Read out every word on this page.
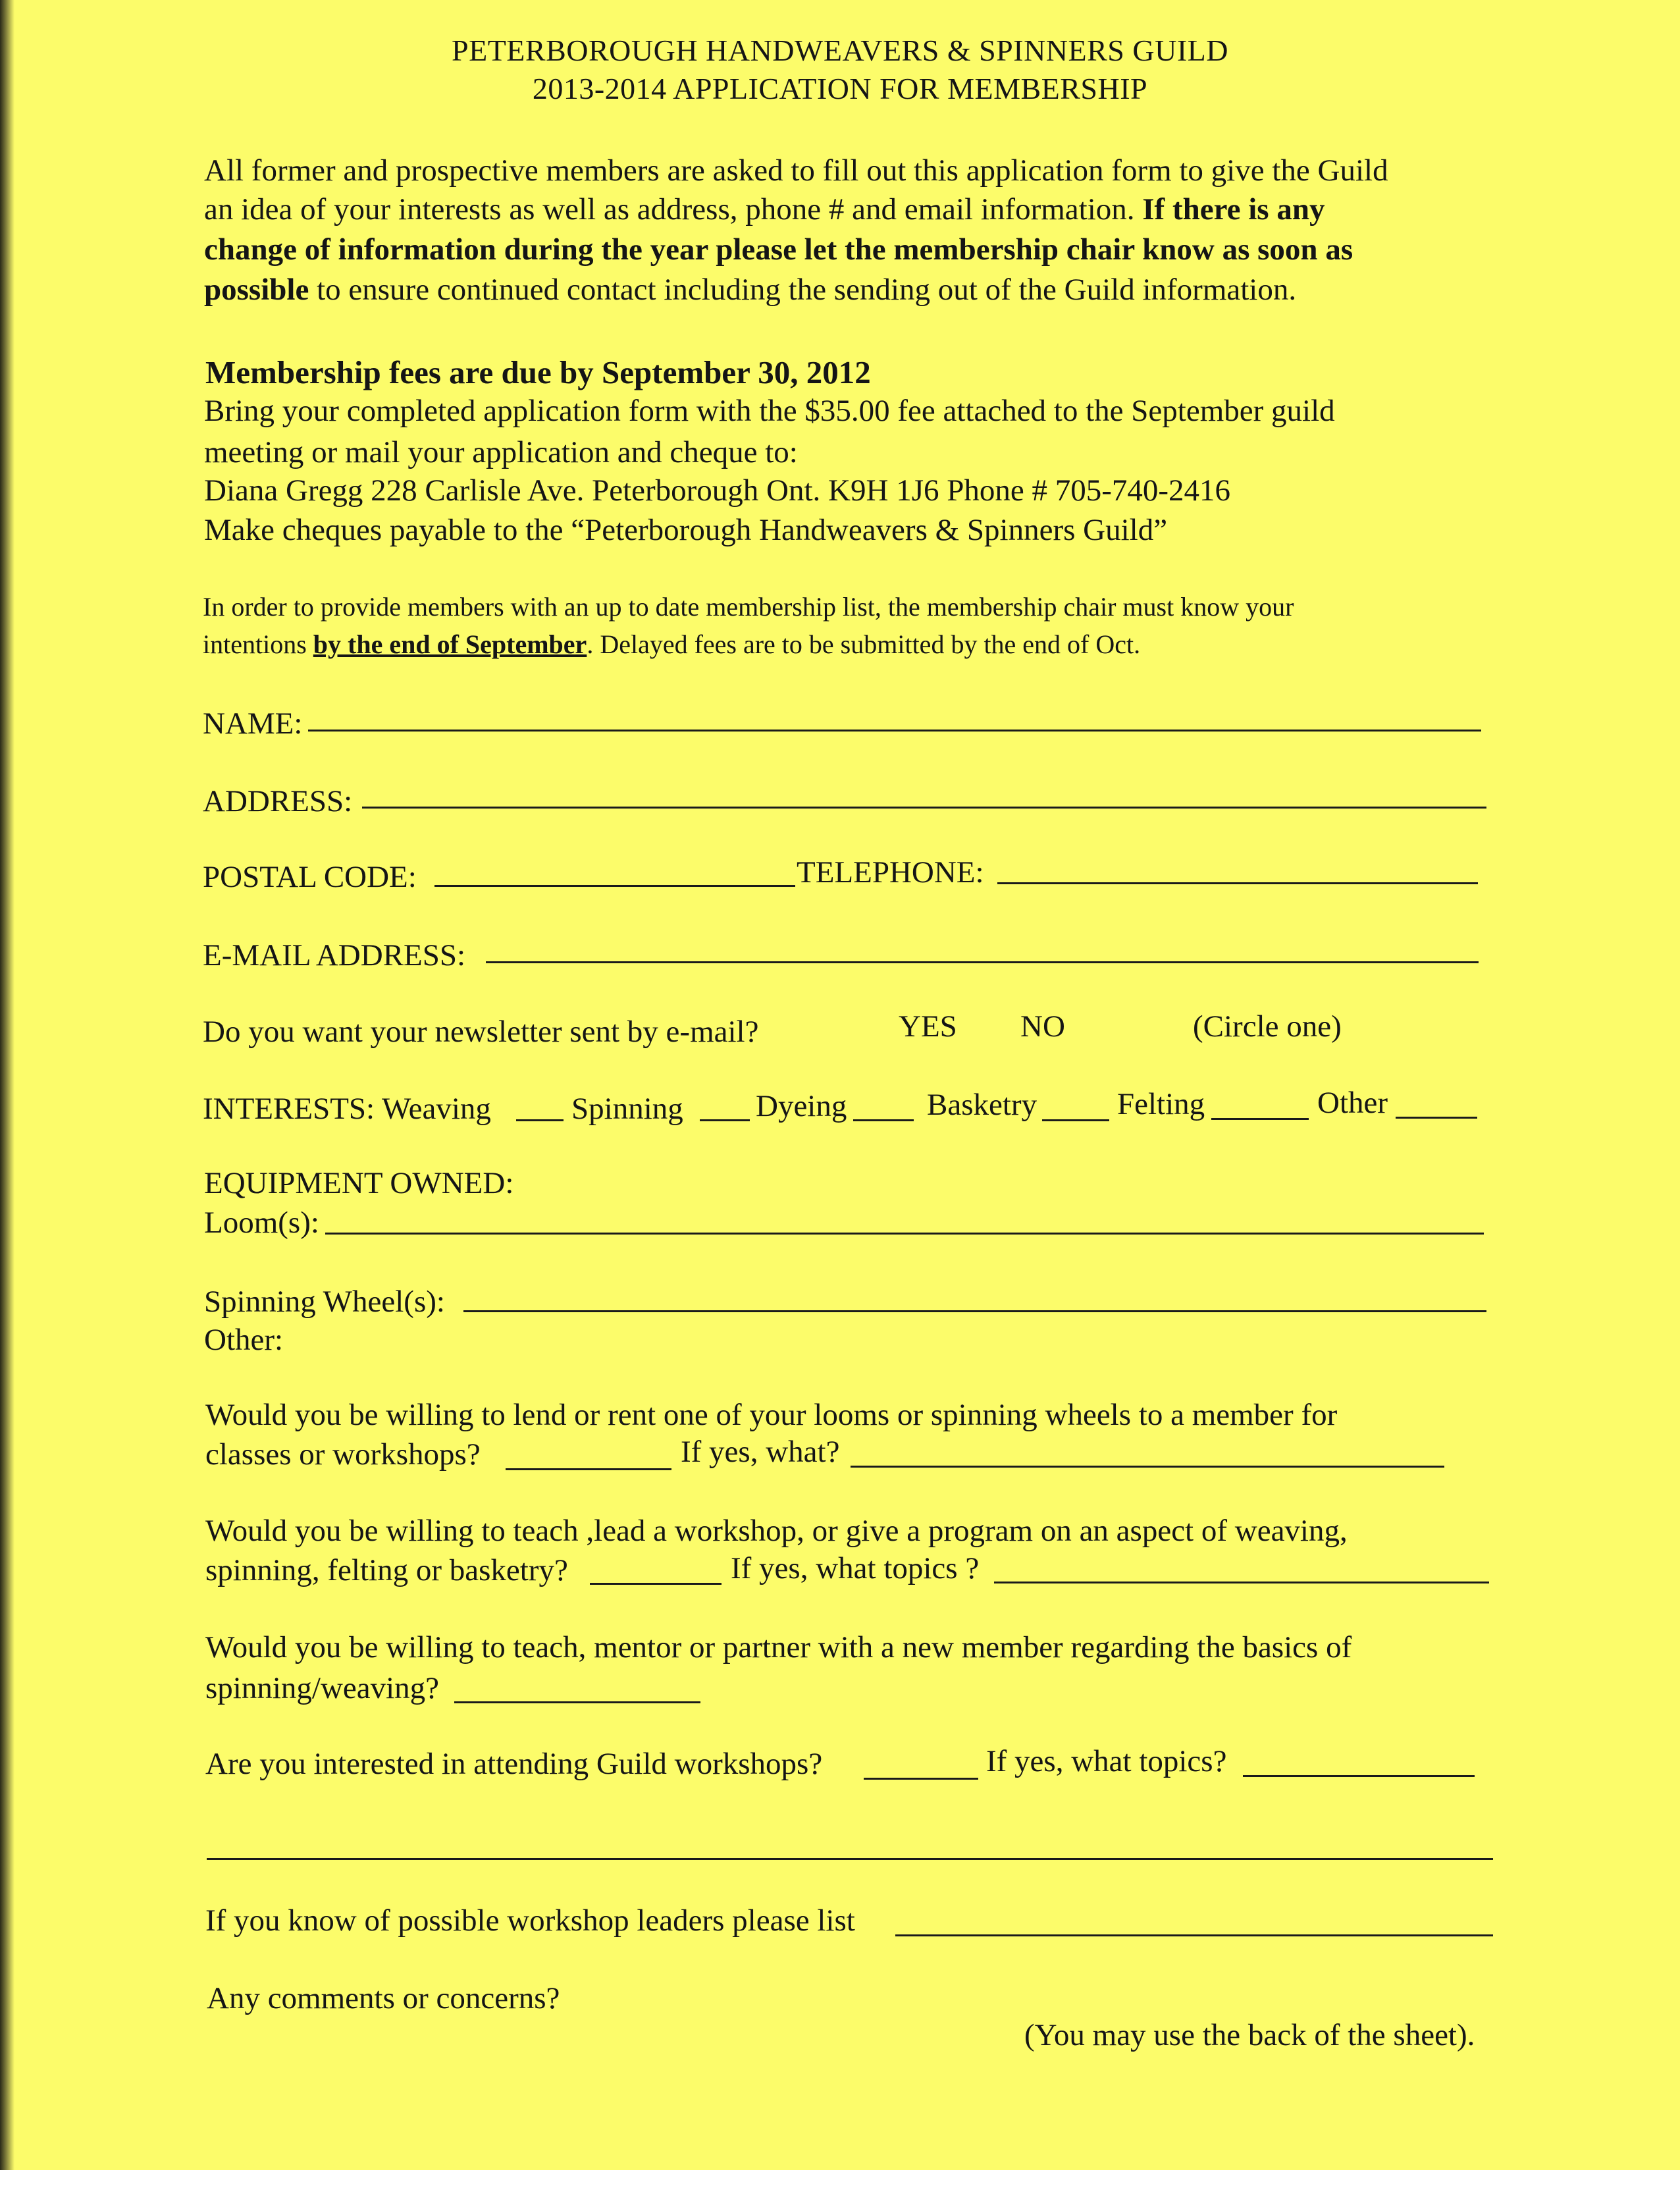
PETERBOROUGH HANDWEAVERS & SPINNERS GUILD
2013-2014 APPLICATION FOR MEMBERSHIP
All former and prospective members are asked to fill out this application form to give the Guild
an idea of your interests as well as address, phone # and email information. If there is any
change of information during the year please let the membership chair know as soon as
possible to ensure continued contact including the sending out of the Guild information.
Membership fees are due by September 30, 2012
Bring your completed application form with the $35.00 fee attached to the September guild
meeting or mail your application and cheque to:
Diana Gregg 228 Carlisle Ave. Peterborough Ont. K9H 1J6 Phone # 705-740-2416
Make cheques payable to the “Peterborough Handweavers & Spinners Guild”
In order to provide members with an up to date membership list, the membership chair must know your
intentions by the end of September. Delayed fees are to be submitted by the end of Oct.
NAME:
ADDRESS:
POSTAL CODE:	TELEPHONE:
E-MAIL ADDRESS:
Do you want your newsletter sent by e-mail?	YES NO	(Circle one)
INTERESTS: Weaving	Spinning Dyeing	Basketry	Felting	Other
EQUIPMENT OWNED:
Loom(s):
Spinning Wheel(s):
Other:
Would you be willing to lend or rent one of your looms or spinning wheels to a member for
classes or workshops?	If yes, what?
Would you be willing to teach ,lead a workshop, or give a program on an aspect of weaving,
spinning, felting or basketry?	If yes, what topics ?
Would you be willing to teach, mentor or partner with a new member regarding the basics of
spinning/weaving?
Are you interested in attending Guild workshops?	If yes, what topics?
If you know of possible workshop leaders please list
Any comments or concerns?
(You may use the back of the sheet).
